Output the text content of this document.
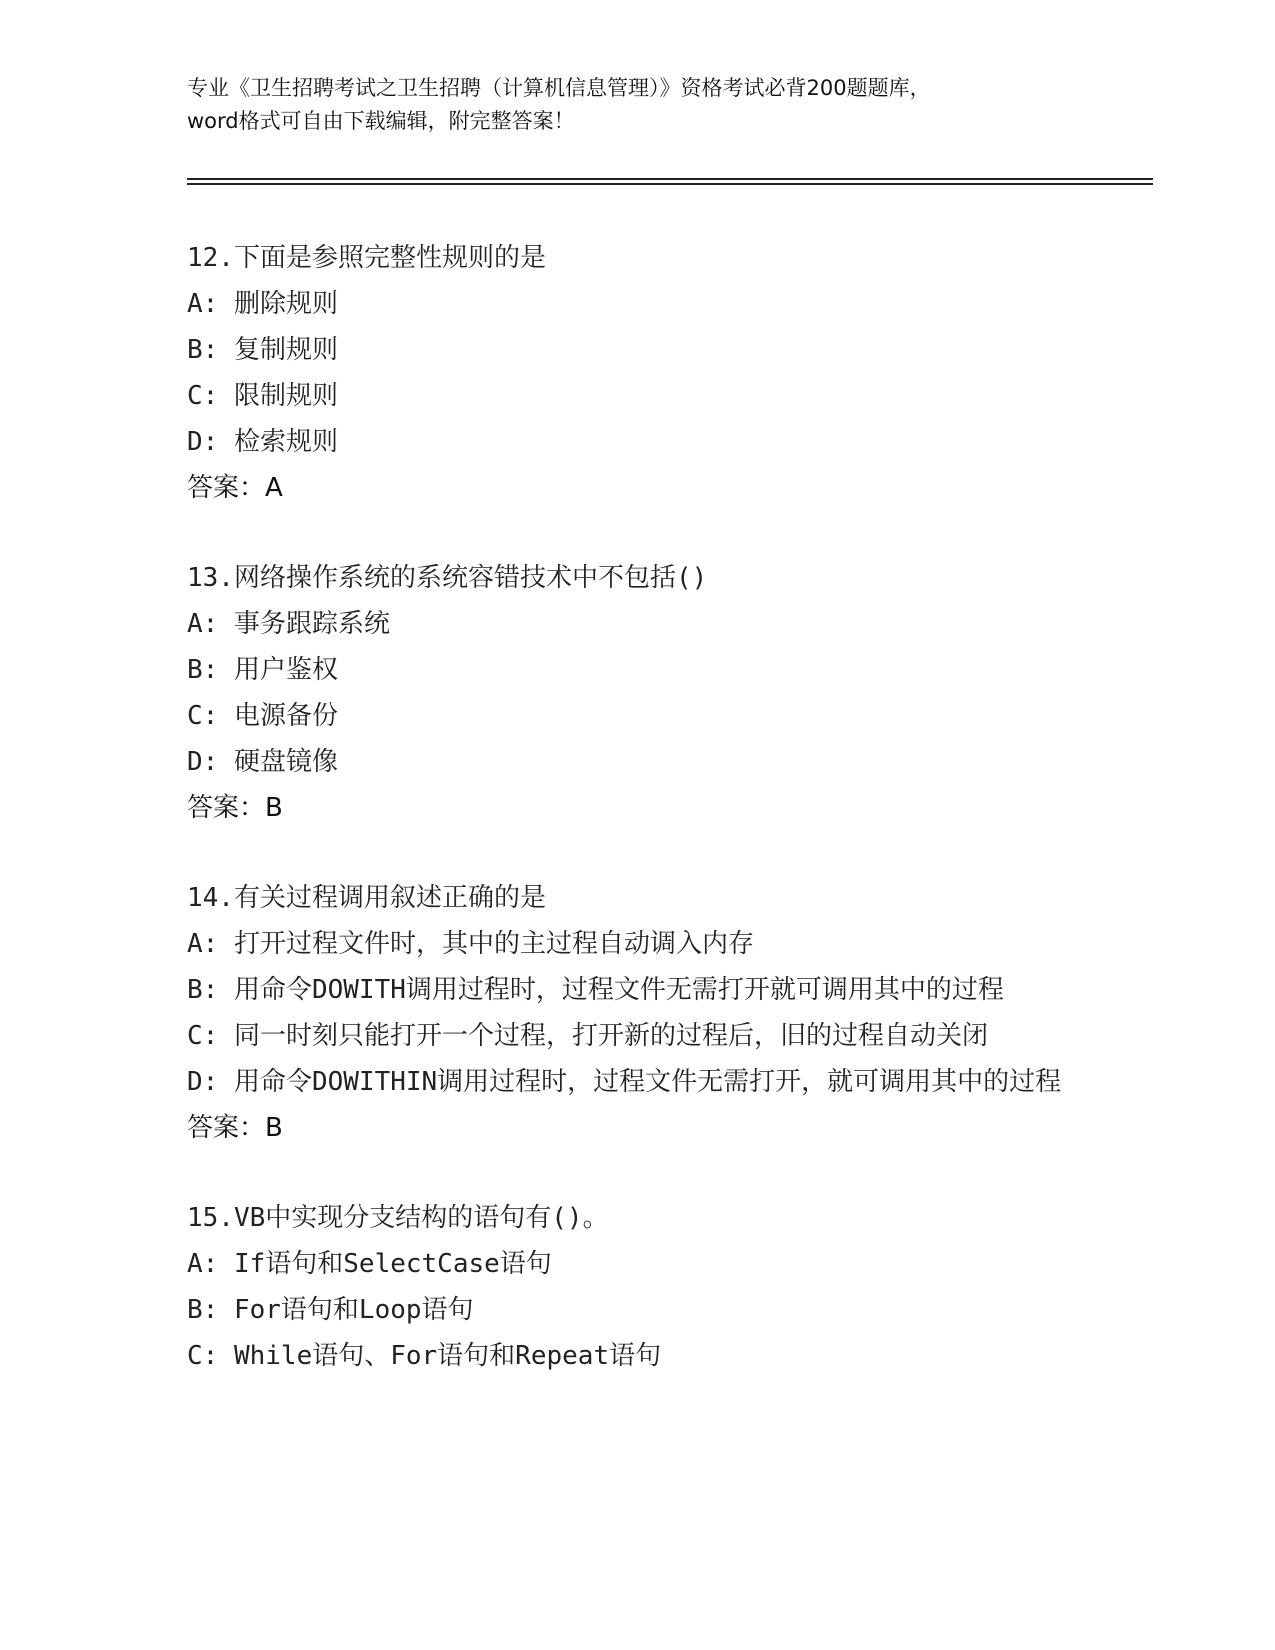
专业《卫生招聘考试之卫生招聘（计算机信息管理）》资格考试必背200题题库，
word格式可自由下载编辑，附完整答案！
12.下面是参照完整性规则的是
A: 删除规则
B: 复制规则
C: 限制规则
D: 检索规则
答案：A
13.网络操作系统的系统容错技术中不包括()
A: 事务跟踪系统
B: 用户鉴权
C: 电源备份
D: 硬盘镜像
答案：B
14.有关过程调用叙述正确的是
A: 打开过程文件时，其中的主过程自动调入内存
B: 用命令DOWITH调用过程时，过程文件无需打开就可调用其中的过程
C: 同一时刻只能打开一个过程，打开新的过程后，旧的过程自动关闭
D: 用命令DOWITHIN调用过程时，过程文件无需打开，就可调用其中的过程
答案：B
15.VB中实现分支结构的语句有()。
A: If语句和SelectCase语句
B: For语句和Loop语句
C: While语句、For语句和Repeat语句
